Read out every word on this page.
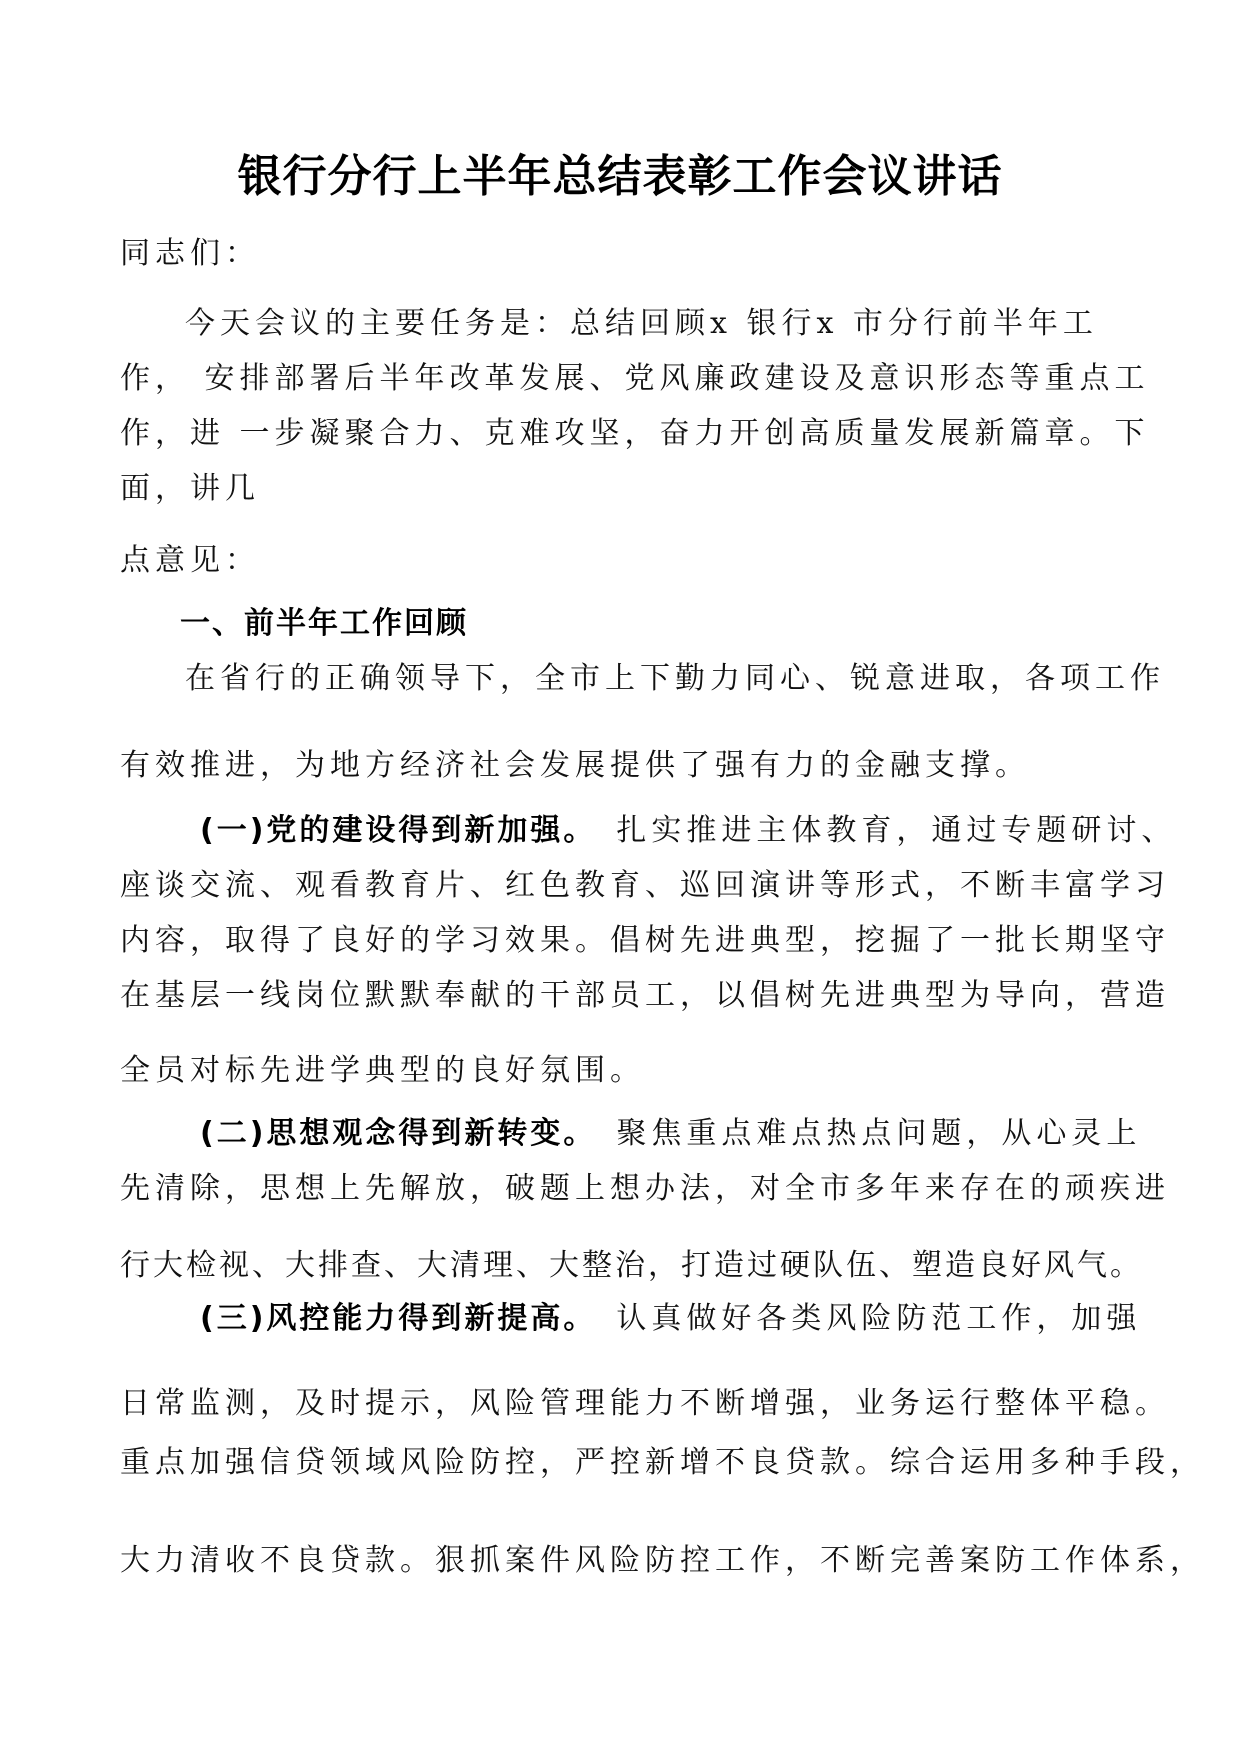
银行分行上半年总结表彰工作会议讲话
同志们：
今天会议的主要任务是：总结回顾x 银行x 市分行前半年工
作， 安排部署后半年改革发展、党风廉政建设及意识形态等重点工
作，进 一步凝聚合力、克难攻坚，奋力开创高质量发展新篇章。下
面，讲几
点意见：
一、前半年工作回顾
在省行的正确领导下，全市上下勤力同心、锐意进取，各项工作
有效推进，为地方经济社会发展提供了强有力的金融支撑。
(一)党的建设得到新加强。 扎实推进主体教育，通过专题研讨、
座谈交流、观看教育片、红色教育、巡回演讲等形式，不断丰富学习
内容，取得了良好的学习效果。倡树先进典型，挖掘了一批长期坚守
在基层一线岗位默默奉献的干部员工，以倡树先进典型为导向，营造
全员对标先进学典型的良好氛围。
(二)思想观念得到新转变。 聚焦重点难点热点问题，从心灵上
先清除，思想上先解放，破题上想办法，对全市多年来存在的顽疾进
行大检视、大排查、大清理、大整治，打造过硬队伍、塑造良好风气。
(三)风控能力得到新提高。 认真做好各类风险防范工作，加强
日常监测，及时提示，风险管理能力不断增强，业务运行整体平稳。
重点加强信贷领域风险防控，严控新增不良贷款。综合运用多种手段，
大力清收不良贷款。狠抓案件风险防控工作，不断完善案防工作体系，
